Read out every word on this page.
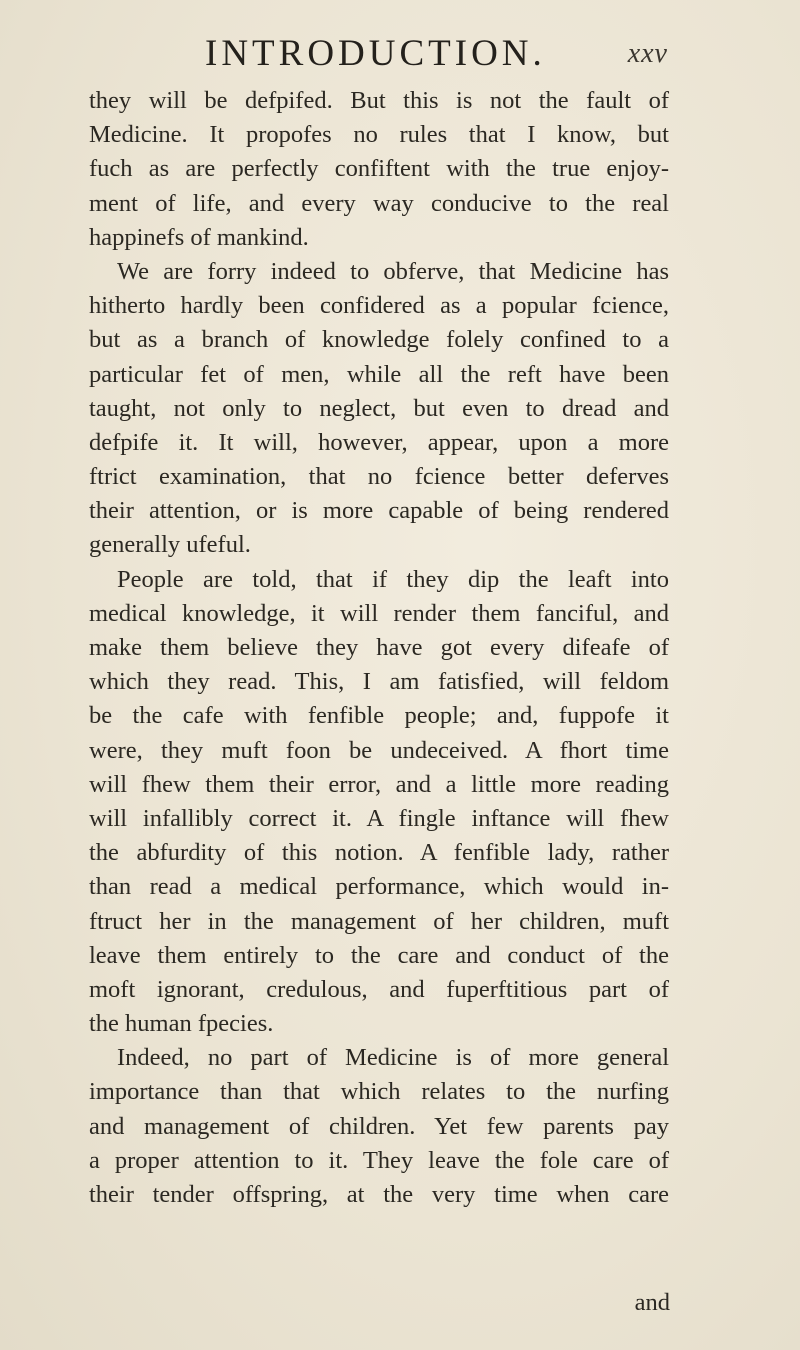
INTRODUCTION.	xxv
they will be defpifed. But this is not the fault of
Medicine. It propofes no rules that I know, but
fuch as are perfectly confiftent with the true enjoy-
ment of life, and every way conducive to the real
happinefs of mankind.
We are forry indeed to obferve, that Medicine has
hitherto hardly been confidered as a popular fcience,
but as a branch of knowledge folely confined to a
particular fet of men, while all the reft have been
taught, not only to neglect, but even to dread and
defpife it. It will, however, appear, upon a more
ftrict examination, that no fcience better deferves
their attention, or is more capable of being rendered
generally ufeful.
People are told, that if they dip the leaft into
medical knowledge, it will render them fanciful, and
make them believe they have got every difeafe of
which they read. This, I am fatisfied, will feldom
be the cafe with fenfible people; and, fuppofe it
were, they muft foon be undeceived. A fhort time
will fhew them their error, and a little more reading
will infallibly correct it. A fingle inftance will fhew
the abfurdity of this notion. A fenfible lady, rather
than read a medical performance, which would in-
ftruct her in the management of her children, muft
leave them entirely to the care and conduct of the
moft ignorant, credulous, and fuperftitious part of
the human fpecies.
Indeed, no part of Medicine is of more general
importance than that which relates to the nurfing
and management of children. Yet few parents pay
a proper attention to it. They leave the fole care of
their tender offspring, at the very time when care
and
